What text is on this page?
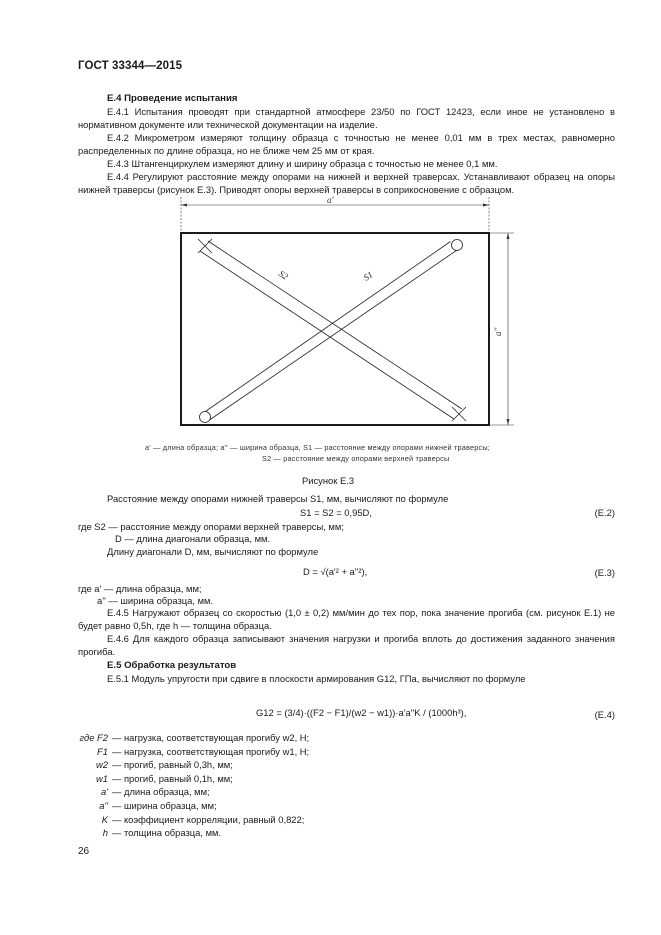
ГОСТ 33344—2015
Е.4 Проведение испытания
Е.4.1 Испытания проводят при стандартной атмосфере 23/50 по ГОСТ 12423, если иное не установлено в нормативном документе или технической документации на изделие.
Е.4.2 Микрометром измеряют толщину образца с точностью не менее 0,01 мм в трех местах, равномерно распределенных по длине образца, но не ближе чем 25 мм от края.
Е.4.3 Штангенциркулем измеряют длину и ширину образца с точностью не менее 0,1 мм.
Е.4.4 Регулируют расстояние между опорами на нижней и верхней траверсах. Устанавливают образец на опоры нижней траверсы (рисунок Е.3). Приводят опоры верхней траверсы в соприкосновение с образцом.
a'
a''
S2	S1
a' — длина образца; a'' — ширина образца, S1 — расстояние между опорами нижней траверсы;
S2 — расстояние между опорами верхней траверсы
Рисунок Е.3
Расстояние между опорами нижней траверсы S1, мм, вычисляют по формуле
S1 = S2 = 0,95D,	(Е.2)
где S2 — расстояние между опорами верхней траверсы, мм;
D — длина диагонали образца, мм.
Длину диагонали D, мм, вычисляют по формуле
D = √(a'² + a''²),	(Е.3)
где a' — длина образца, мм;
a'' — ширина образца, мм.
Е.4.5 Нагружают образец со скоростью (1,0 ± 0,2) мм/мин до тех пор, пока значение прогиба (см. рисунок Е.1) не будет равно 0,5h, где h — толщина образца.
Е.4.6 Для каждого образца записывают значения нагрузки и прогиба вплоть до достижения заданного значения прогиба.
Е.5 Обработка результатов
Е.5.1 Модуль упругости при сдвиге в плоскости армирования G12, ГПа, вычисляют по формуле
G12 = (3/4)·((F2 − F1)/(w2 − w1))·a'a''K / (1000h³),	(Е.4)
где F2 — нагрузка, соответствующая прогибу w2, Н;
F1 — нагрузка, соответствующая прогибу w1, Н;
w2 — прогиб, равный 0,3h, мм;
w1 — прогиб, равный 0,1h, мм;
a' — длина образца, мм;
a'' — ширина образца, мм;
K — коэффициент корреляции, равный 0,822;
h — толщина образца, мм.
26
